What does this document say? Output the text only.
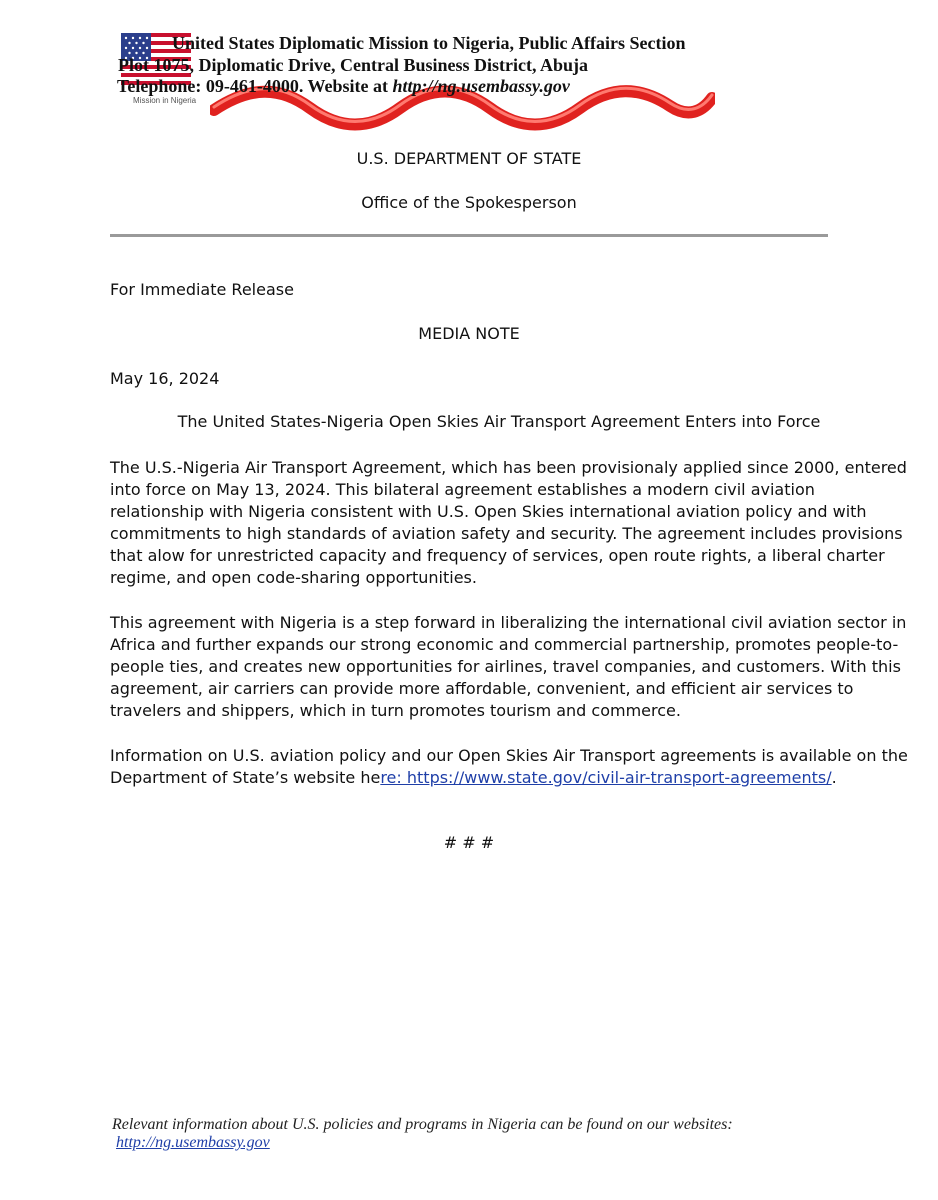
Mission in Nigeria
United States Diplomatic Mission to Nigeria, Public Affairs Section
Plot 1075, Diplomatic Drive, Central Business District, Abuja
Telephone: 09-461-4000. Website at http://ng.usembassy.gov
U.S. DEPARTMENT OF STATE
Office of the Spokesperson
For Immediate Release
MEDIA NOTE
May 16, 2024
The United States-Nigeria Open Skies Air Transport Agreement Enters into Force
The U.S.-Nigeria Air Transport Agreement, which has been provisionaly applied since 2000, entered into force on May 13, 2024. This bilateral agreement establishes a modern civil aviation relationship with Nigeria consistent with U.S. Open Skies international aviation policy and with commitments to high standards of aviation safety and security. The agreement includes provisions that alow for unrestricted capacity and frequency of services, open route rights, a liberal charter regime, and open code-sharing opportunities.
This agreement with Nigeria is a step forward in liberalizing the international civil aviation sector in Africa and further expands our strong economic and commercial partnership, promotes people-to-people ties, and creates new opportunities for airlines, travel companies, and customers. With this agreement, air carriers can provide more affordable, convenient, and efficient air services to travelers and shippers, which in turn promotes tourism and commerce.
Information on U.S. aviation policy and our Open Skies Air Transport agreements is available on the Department of State’s website here: https://www.state.gov/civil-air-transport-agreements/.
# # #
Relevant information about U.S. policies and programs in Nigeria can be found on our websites:
http://ng.usembassy.gov
